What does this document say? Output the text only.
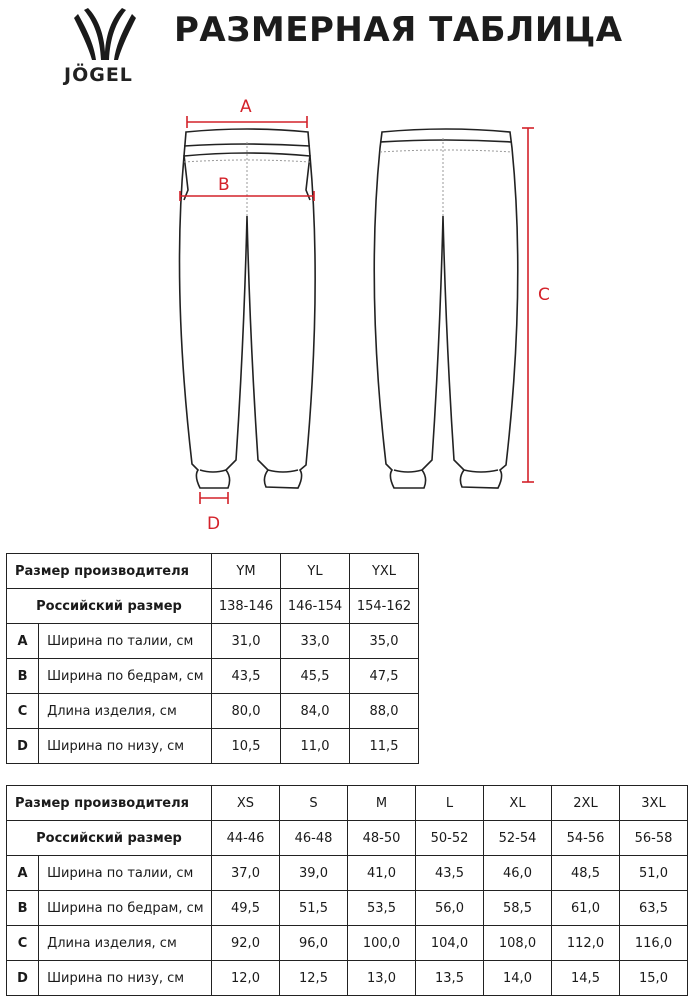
JÖGEL
РАЗМЕРНАЯ ТАБЛИЦА
A
B
C
D
Размер производителя		YM	YL	YXL
Российский размер		138-146	146-154	154-162
A	Ширина по талии, см	31,0	33,0	35,0
B	Ширина по бедрам, см	43,5	45,5	47,5
C	Длина изделия, см	80,0	84,0	88,0
D	Ширина по низу, см	10,5	11,0	11,5
Размер производителя		XS	S	M	L	XL	2XL	3XL
Российский размер		44-46	46-48	48-50	50-52	52-54	54-56	56-58
A	Ширина по талии, см	37,0	39,0	41,0	43,5	46,0	48,5	51,0
B	Ширина по бедрам, см	49,5	51,5	53,5	56,0	58,5	61,0	63,5
C	Длина изделия, см	92,0	96,0	100,0	104,0	108,0	112,0	116,0
D	Ширина по низу, см	12,0	12,5	13,0	13,5	14,0	14,5	15,0
